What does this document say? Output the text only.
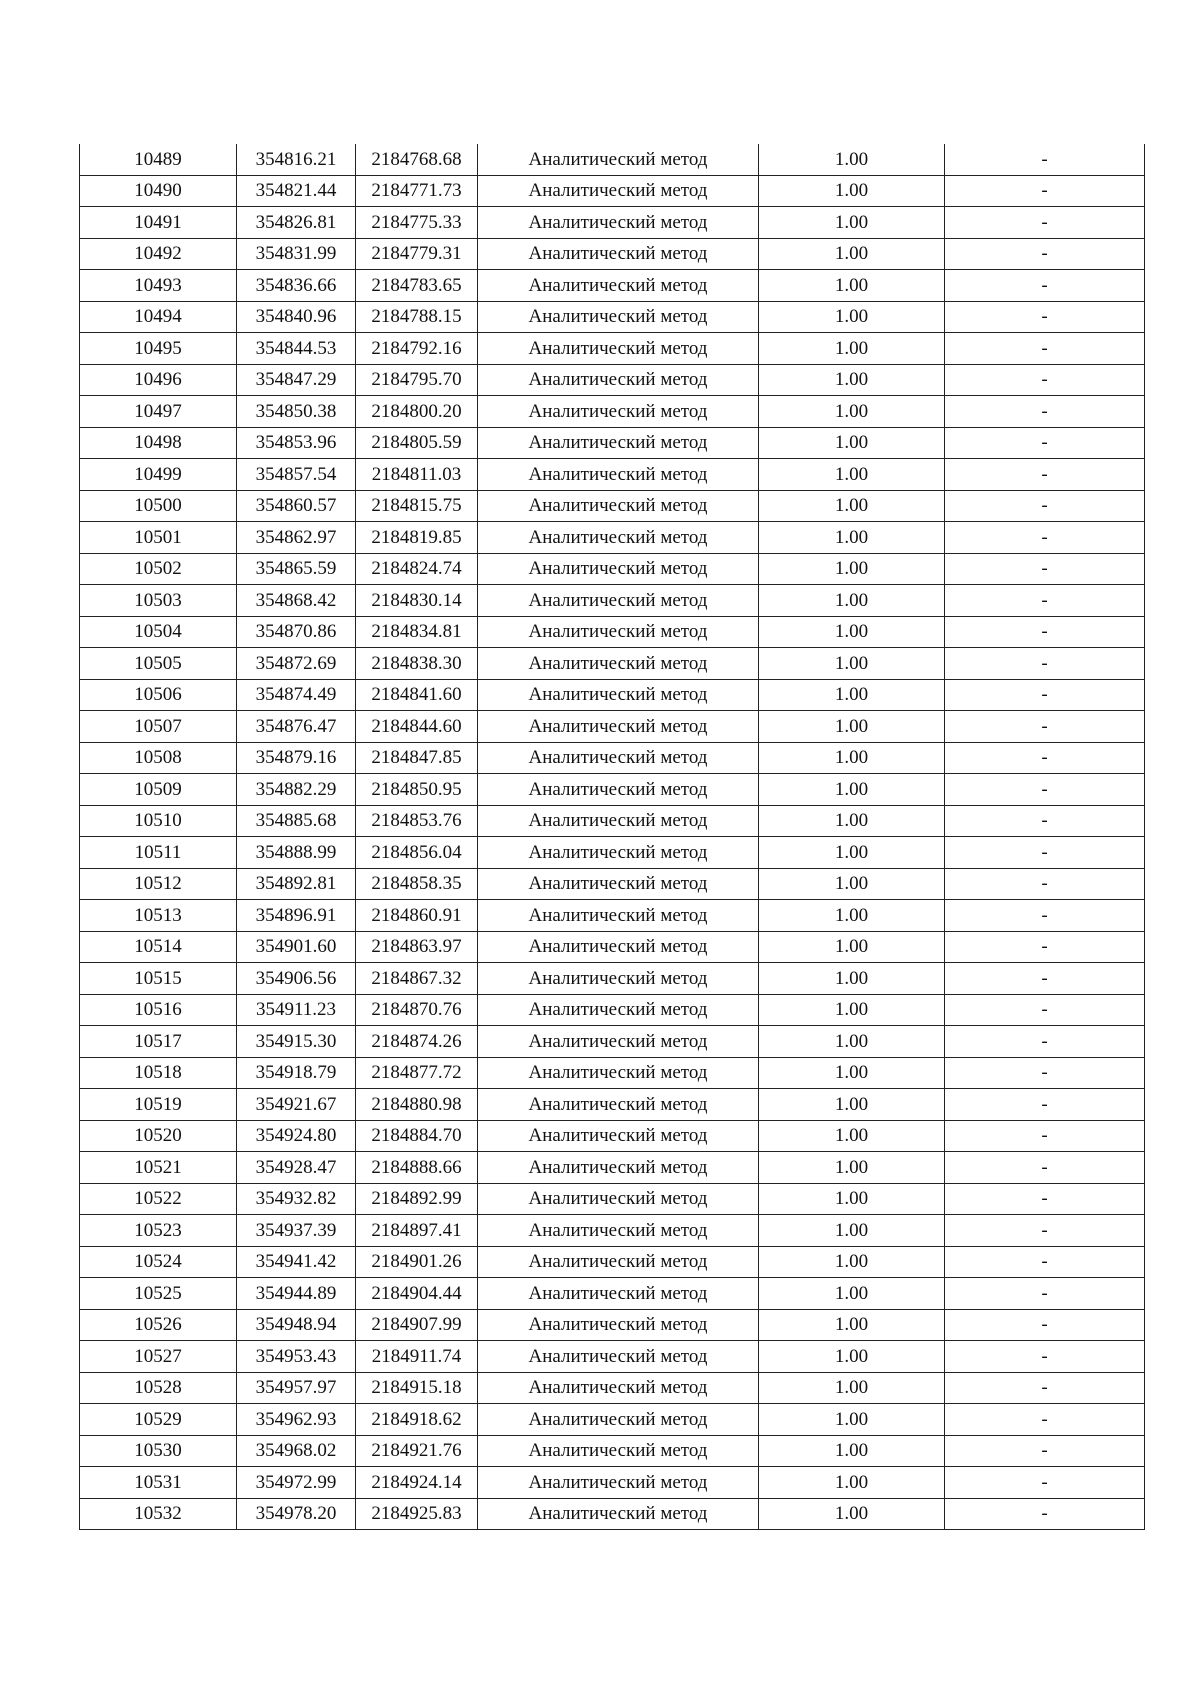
10489	354816.21	2184768.68	Аналитический метод	1.00	-
10490	354821.44	2184771.73	Аналитический метод	1.00	-
10491	354826.81	2184775.33	Аналитический метод	1.00	-
10492	354831.99	2184779.31	Аналитический метод	1.00	-
10493	354836.66	2184783.65	Аналитический метод	1.00	-
10494	354840.96	2184788.15	Аналитический метод	1.00	-
10495	354844.53	2184792.16	Аналитический метод	1.00	-
10496	354847.29	2184795.70	Аналитический метод	1.00	-
10497	354850.38	2184800.20	Аналитический метод	1.00	-
10498	354853.96	2184805.59	Аналитический метод	1.00	-
10499	354857.54	2184811.03	Аналитический метод	1.00	-
10500	354860.57	2184815.75	Аналитический метод	1.00	-
10501	354862.97	2184819.85	Аналитический метод	1.00	-
10502	354865.59	2184824.74	Аналитический метод	1.00	-
10503	354868.42	2184830.14	Аналитический метод	1.00	-
10504	354870.86	2184834.81	Аналитический метод	1.00	-
10505	354872.69	2184838.30	Аналитический метод	1.00	-
10506	354874.49	2184841.60	Аналитический метод	1.00	-
10507	354876.47	2184844.60	Аналитический метод	1.00	-
10508	354879.16	2184847.85	Аналитический метод	1.00	-
10509	354882.29	2184850.95	Аналитический метод	1.00	-
10510	354885.68	2184853.76	Аналитический метод	1.00	-
10511	354888.99	2184856.04	Аналитический метод	1.00	-
10512	354892.81	2184858.35	Аналитический метод	1.00	-
10513	354896.91	2184860.91	Аналитический метод	1.00	-
10514	354901.60	2184863.97	Аналитический метод	1.00	-
10515	354906.56	2184867.32	Аналитический метод	1.00	-
10516	354911.23	2184870.76	Аналитический метод	1.00	-
10517	354915.30	2184874.26	Аналитический метод	1.00	-
10518	354918.79	2184877.72	Аналитический метод	1.00	-
10519	354921.67	2184880.98	Аналитический метод	1.00	-
10520	354924.80	2184884.70	Аналитический метод	1.00	-
10521	354928.47	2184888.66	Аналитический метод	1.00	-
10522	354932.82	2184892.99	Аналитический метод	1.00	-
10523	354937.39	2184897.41	Аналитический метод	1.00	-
10524	354941.42	2184901.26	Аналитический метод	1.00	-
10525	354944.89	2184904.44	Аналитический метод	1.00	-
10526	354948.94	2184907.99	Аналитический метод	1.00	-
10527	354953.43	2184911.74	Аналитический метод	1.00	-
10528	354957.97	2184915.18	Аналитический метод	1.00	-
10529	354962.93	2184918.62	Аналитический метод	1.00	-
10530	354968.02	2184921.76	Аналитический метод	1.00	-
10531	354972.99	2184924.14	Аналитический метод	1.00	-
10532	354978.20	2184925.83	Аналитический метод	1.00	-
